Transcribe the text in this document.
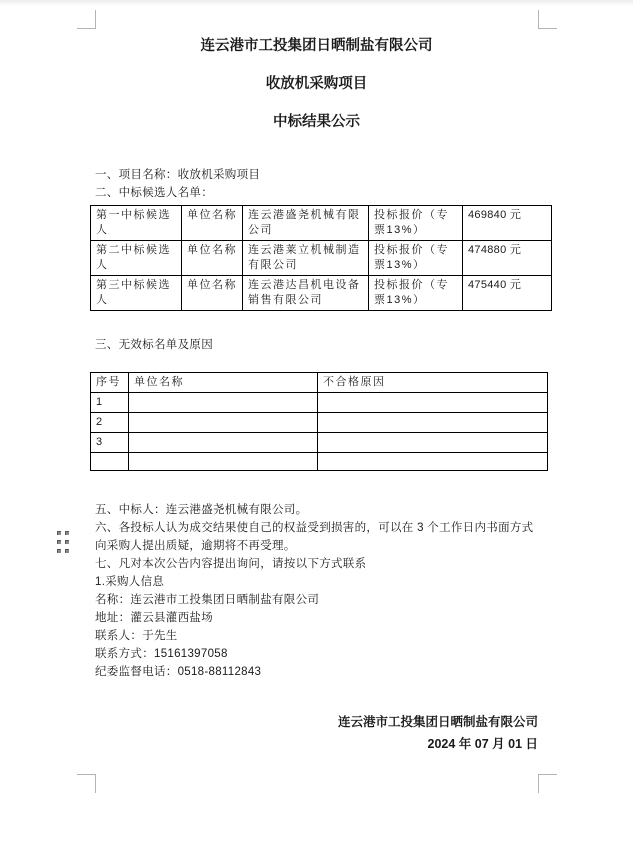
连云港市工投集团日晒制盐有限公司
收放机采购项目
中标结果公示
一、项目名称：收放机采购项目
二、中标候选人名单：
第一中标候选人	单位名称	连云港盛尧机械有限公司	投标报价（专票13%）	469840 元
第二中标候选人	单位名称	连云港莱立机械制造有限公司	投标报价（专票13%）	474880 元
第三中标候选人	单位名称	连云港达昌机电设备销售有限公司	投标报价（专票13%）	475440 元
三、无效标名单及原因
序号	单位名称	不合格原因
1		
2		
3		

五、中标人：连云港盛尧机械有限公司。
六、各投标人认为成交结果使自己的权益受到损害的，可以在 3 个工作日内书面方式向采购人提出质疑，逾期将不再受理。
七、凡对本次公告内容提出询问，请按以下方式联系
1.采购人信息
名称：连云港市工投集团日晒制盐有限公司
地址：灌云县灌西盐场
联系人：于先生
联系方式：15161397058
纪委监督电话：0518-88112843
连云港市工投集团日晒制盐有限公司
2024 年 07 月 01 日
